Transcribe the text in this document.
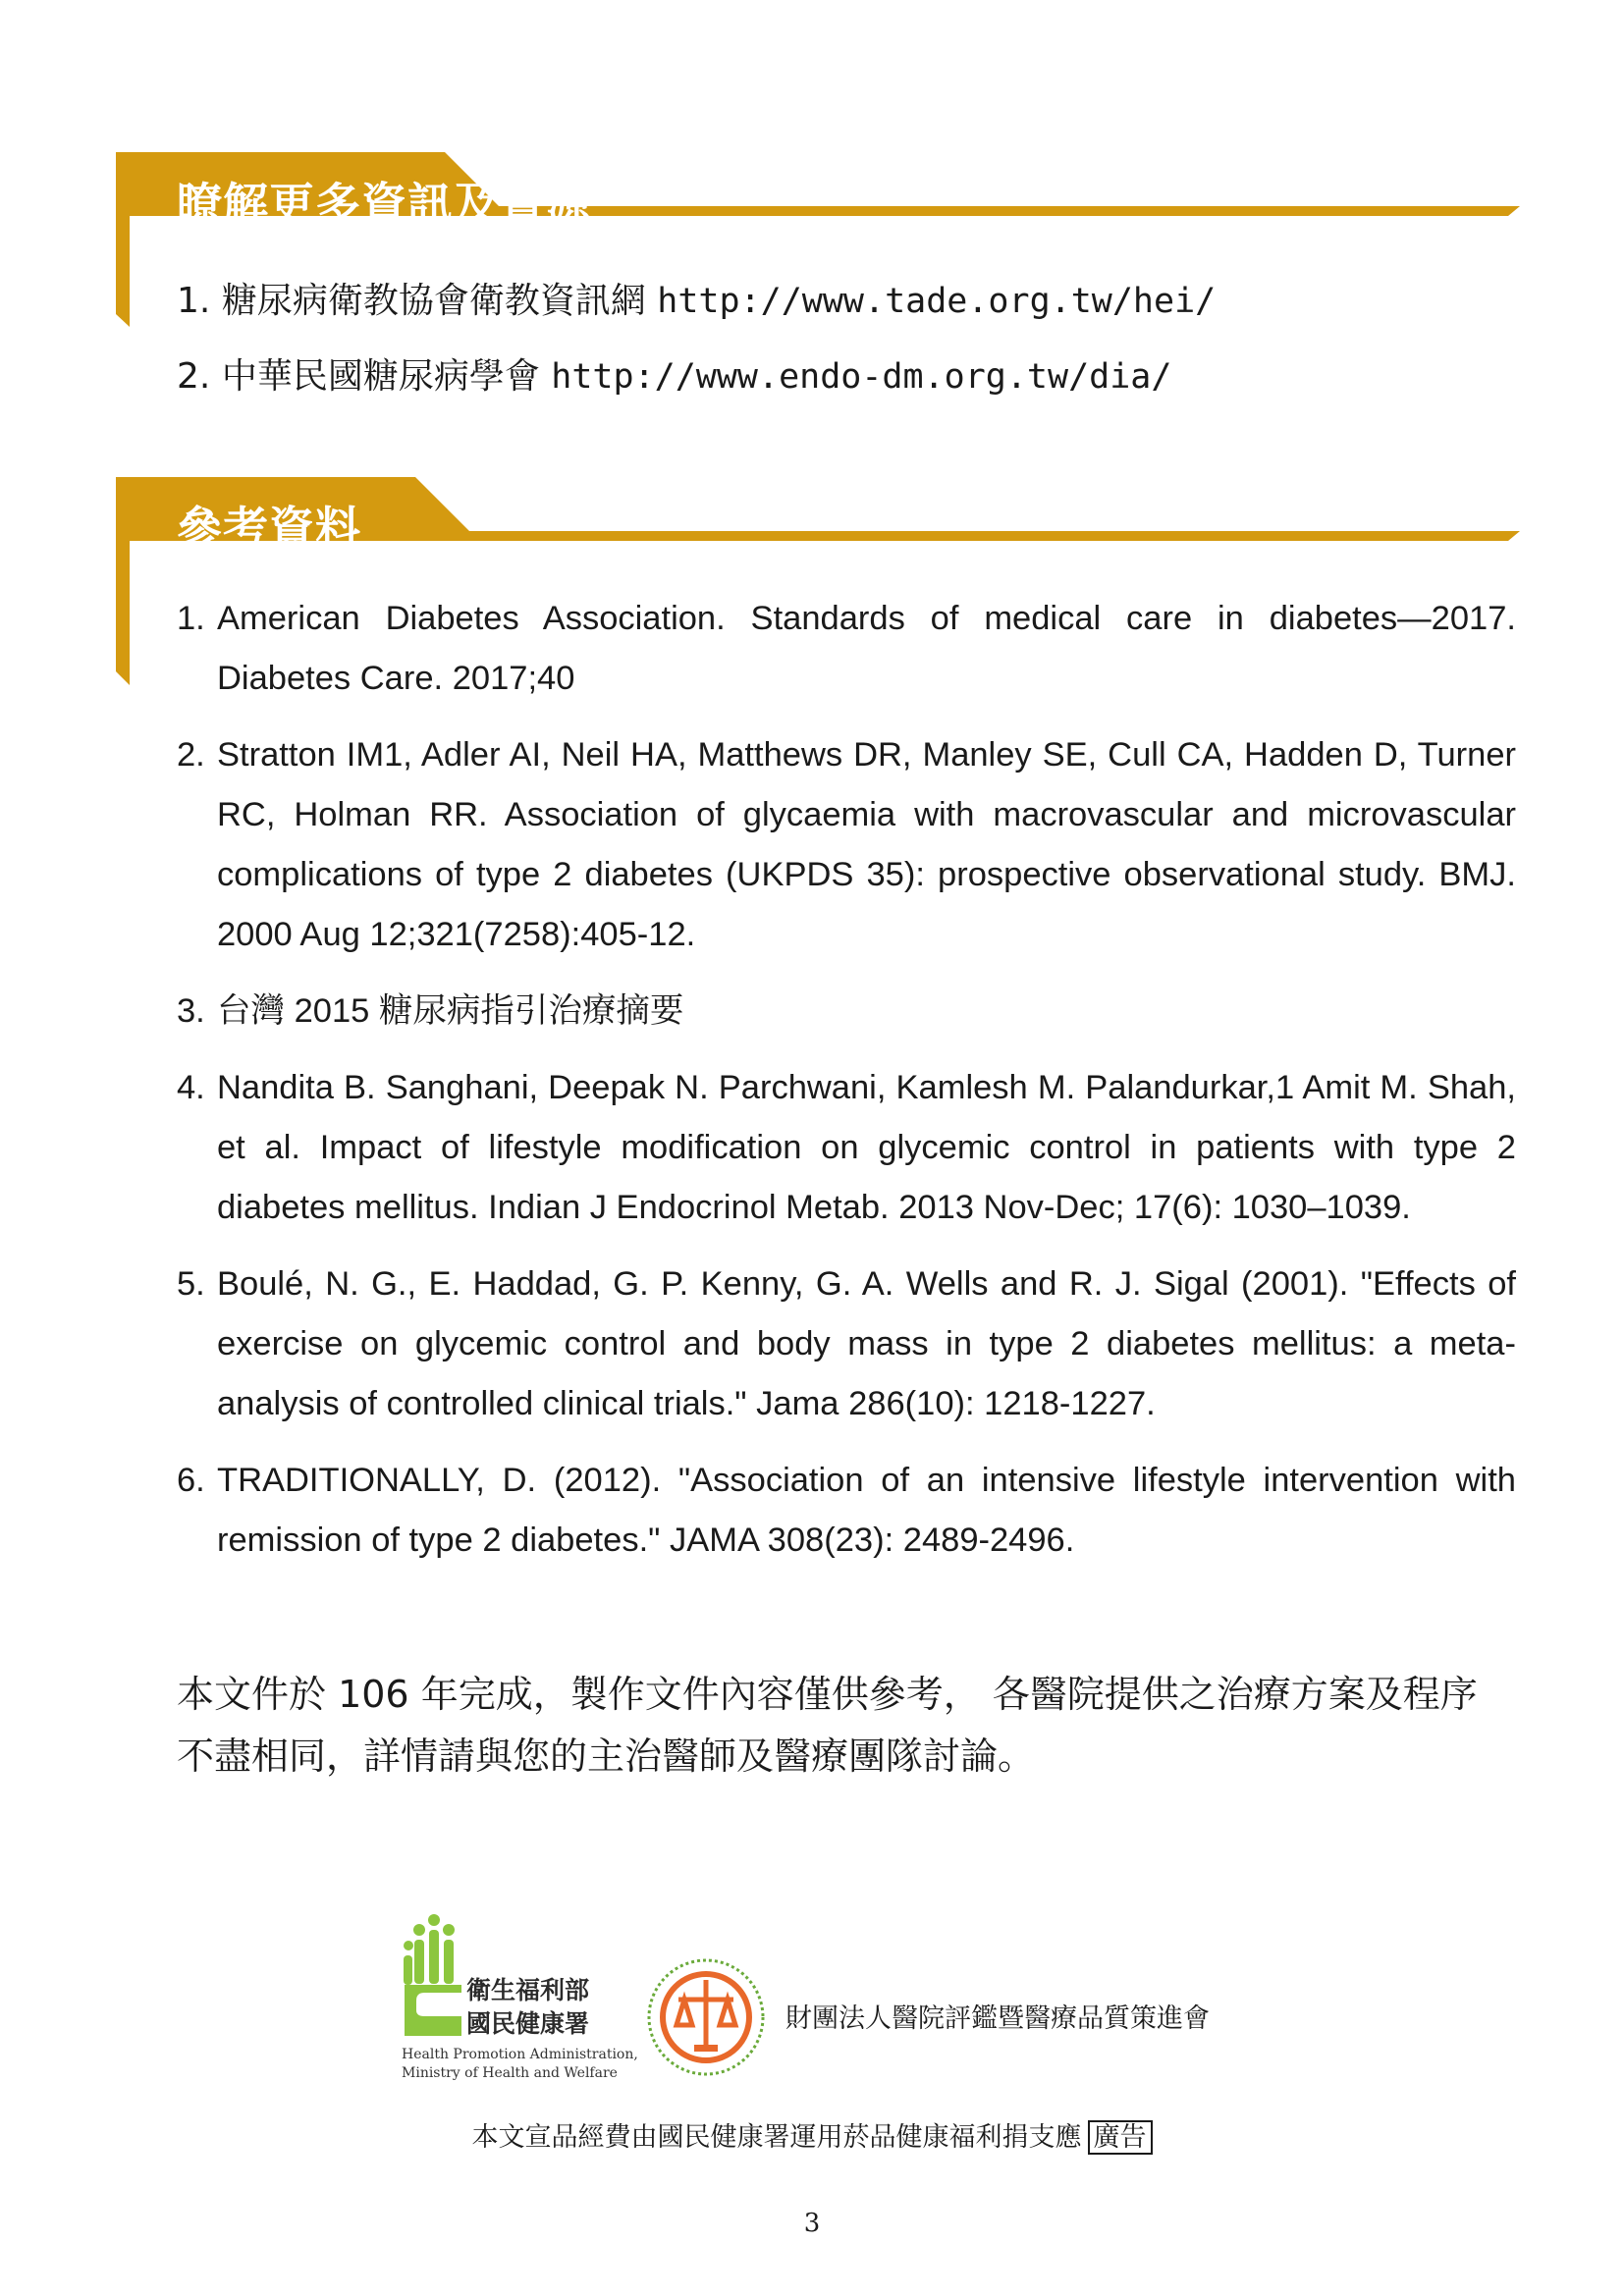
瞭解更多資訊及資源
1. 糖尿病衛教協會衛教資訊網 http://www.tade.org.tw/hei/
2. 中華民國糖尿病學會 http://www.endo-dm.org.tw/dia/
參考資料
1. American Diabetes Association. Standards of medical care in diabetes—2017. Diabetes Care. 2017;40
2. Stratton IM1, Adler AI, Neil HA, Matthews DR, Manley SE, Cull CA, Hadden D, Turner RC, Holman RR. Association of glycaemia with macrovascular and microvascular complications of type 2 diabetes (UKPDS 35): prospective observational study. BMJ. 2000 Aug 12;321(7258):405-12.
3. 台灣 2015 糖尿病指引治療摘要
4. Nandita B. Sanghani, Deepak N. Parchwani, Kamlesh M. Palandurkar,1 Amit M. Shah, et al. Impact of lifestyle modification on glycemic control in patients with type 2 diabetes mellitus. Indian J Endocrinol Metab. 2013 Nov-Dec; 17(6): 1030–1039.
5. Boulé, N. G., E. Haddad, G. P. Kenny, G. A. Wells and R. J. Sigal (2001). "Effects of exercise on glycemic control and body mass in type 2 diabetes mellitus: a meta-analysis of controlled clinical trials." Jama 286(10): 1218-1227.
6. TRADITIONALLY, D. (2012). "Association of an intensive lifestyle intervention with remission of type 2 diabetes." JAMA 308(23): 2489-2496.
本文件於 106 年完成，製作文件內容僅供參考， 各醫院提供之治療方案及程序
不盡相同，詳情請與您的主治醫師及醫療團隊討論。
衛生福利部
國民健康署
Health Promotion Administration,
Ministry of Health and Welfare
財團法人醫院評鑑暨醫療品質策進會
本文宣品經費由國民健康署運用菸品健康福利捐支應 廣告
3
